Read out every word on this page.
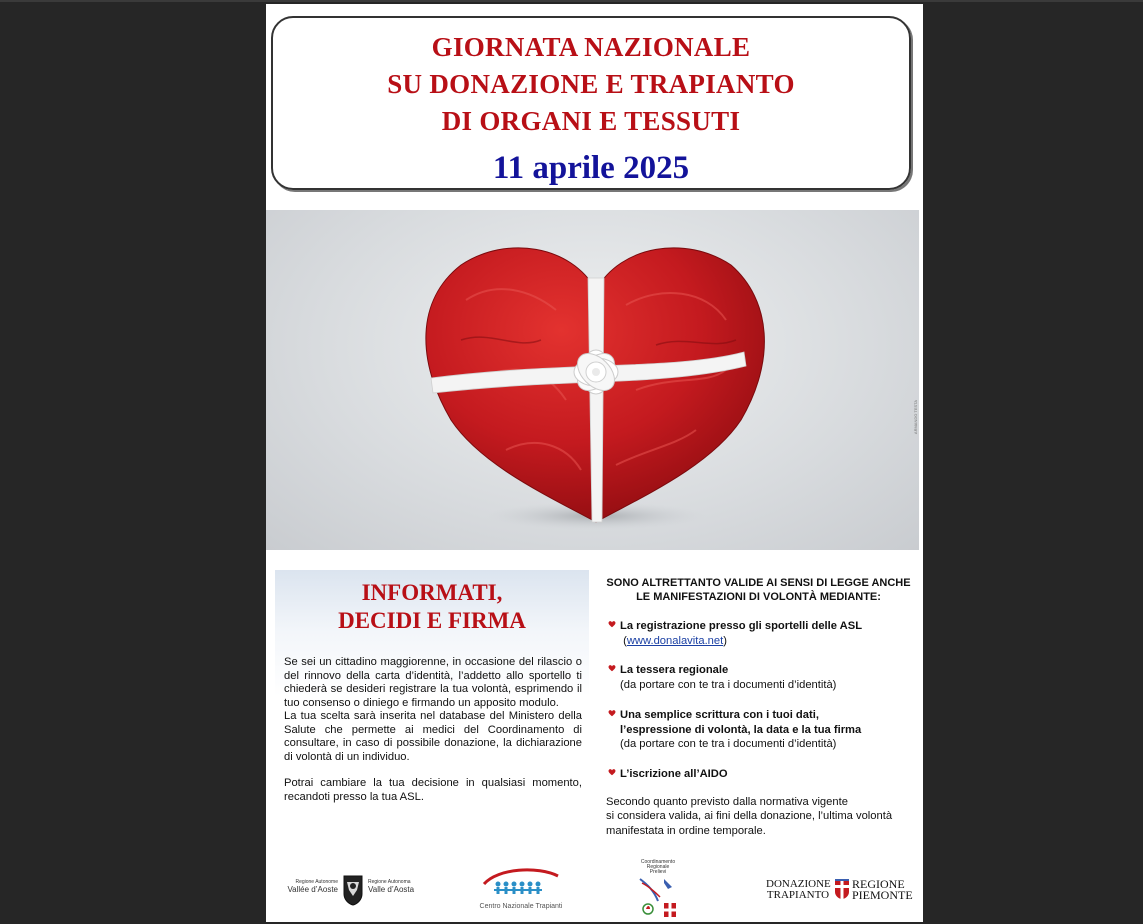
GIORNATA NAZIONALE
SU DONAZIONE E TRAPIANTO
DI ORGANI E TESSUTI
11 aprile 2025
ARMANDO TESTA
INFORMATI,
DECIDI E FIRMA

Se sei un cittadino maggiorenne, in occasione del rilascio o del rinnovo della carta d’identità, l’addetto allo sportello ti chiederà se desideri registrare la tua volontà, esprimendo il tuo consenso o diniego e firmando un apposito modulo.

La tua scelta sarà inserita nel database del Ministero della Salute che permette ai medici del Coordinamento di consultare, in caso di possibile donazione, la dichiarazione di volontà di un individuo.

Potrai cambiare la tua decisione in qualsiasi momento, recandoti presso la tua ASL.

SONO ALTRETTANTO VALIDE AI SENSI DI LEGGE ANCHE
LE MANIFESTAZIONI DI VOLONTÀ MEDIANTE:
La registrazione presso gli sportelli delle ASL
(www.donalavita.net)
La tessera regionale
(da portare con te tra i documenti d’identità)
Una semplice scrittura con i tuoi dati,
l’espressione di volontà, la data e la tua firma
(da portare con te tra i documenti d’identità)
L’iscrizione all’AIDO
Secondo quanto previsto dalla normativa vigente
si considera valida, ai fini della donazione, l’ultima volontà
manifestata in ordine temporale.
Regione Autonome
Vallée d’Aoste
Regione Autonoma
Valle d’Aosta
Centro Nazionale Trapianti
Coordinamento
Regionale
Prelievi
DONAZIONE
TRAPIANTO
REGIONE
PIEMONTE
